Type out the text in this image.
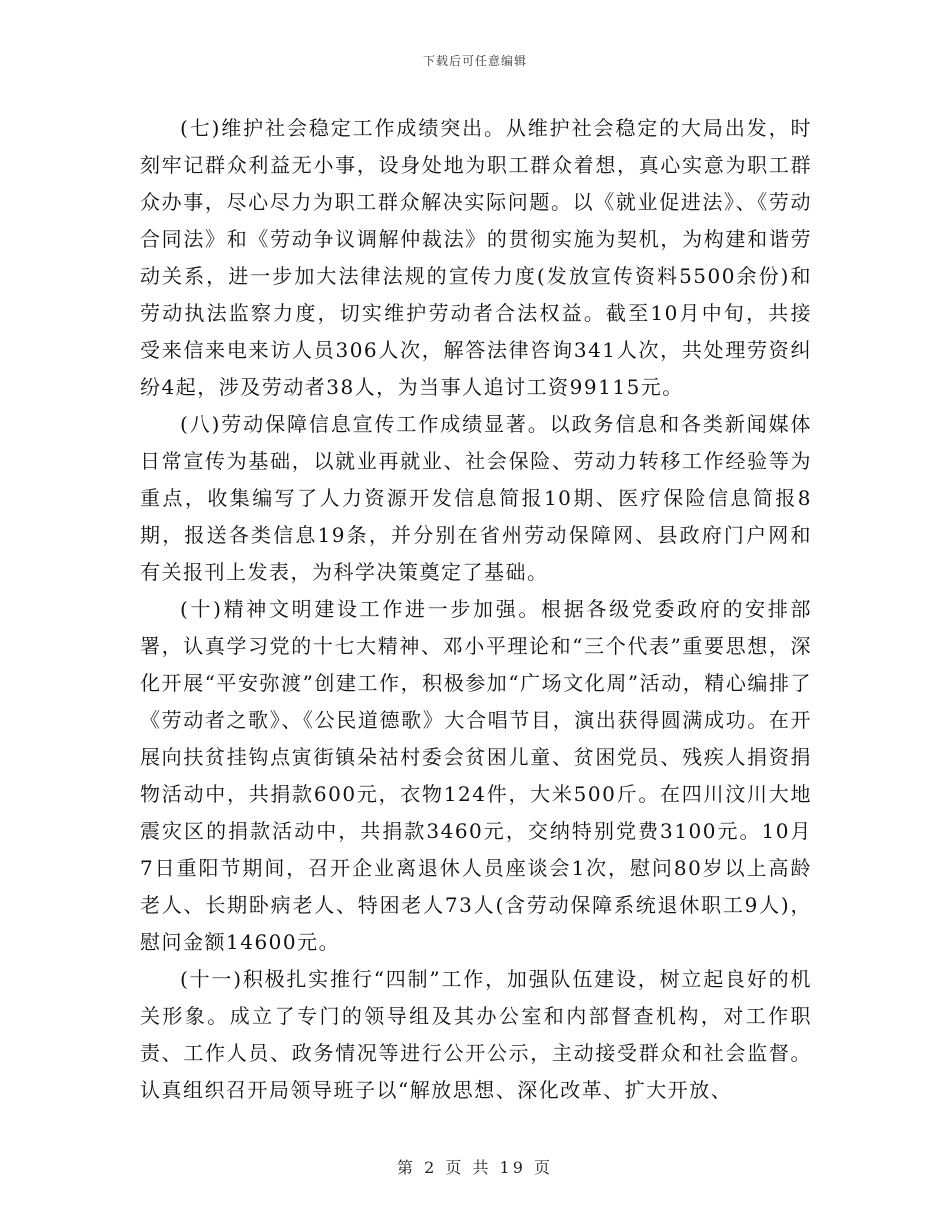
下载后可任意编辑

(七)维护社会稳定工作成绩突出。从维护社会稳定的大局出发，时刻牢记群众利益无小事，设身处地为职工群众着想，真心实意为职工群众办事，尽心尽力为职工群众解决实际问题。以《就业促进法》、《劳动合同法》和《劳动争议调解仲裁法》的贯彻实施为契机，为构建和谐劳动关系，进一步加大法律法规的宣传力度(发放宣传资料5500余份)和劳动执法监察力度，切实维护劳动者合法权益。截至10月中旬，共接受来信来电来访人员306人次，解答法律咨询341人次，共处理劳资纠纷4起，涉及劳动者38人，为当事人追讨工资99115元。

(八)劳动保障信息宣传工作成绩显著。以政务信息和各类新闻媒体日常宣传为基础，以就业再就业、社会保险、劳动力转移工作经验等为重点，收集编写了人力资源开发信息简报10期、医疗保险信息简报8期，报送各类信息19条，并分别在省州劳动保障网、县政府门户网和有关报刊上发表，为科学决策奠定了基础。

(十)精神文明建设工作进一步加强。根据各级党委政府的安排部署，认真学习党的十七大精神、邓小平理论和“三个代表”重要思想，深化开展“平安弥渡”创建工作，积极参加“广场文化周”活动，精心编排了《劳动者之歌》、《公民道德歌》大合唱节目，演出获得圆满成功。在开展向扶贫挂钩点寅街镇朵祜村委会贫困儿童、贫困党员、残疾人捐资捐物活动中，共捐款600元，衣物124件，大米500斤。在四川汶川大地震灾区的捐款活动中，共捐款3460元，交纳特别党费3100元。10月7日重阳节期间，召开企业离退休人员座谈会1次，慰问80岁以上高龄老人、长期卧病老人、特困老人73人(含劳动保障系统退休职工9人)，慰问金额14600元。

(十一)积极扎实推行“四制”工作，加强队伍建设，树立起良好的机关形象。成立了专门的领导组及其办公室和内部督查机构，对工作职责、工作人员、政务情况等进行公开公示，主动接受群众和社会监督。认真组织召开局领导班子以“解放思想、深化改革、扩大开放、

第 2 页 共 19 页
